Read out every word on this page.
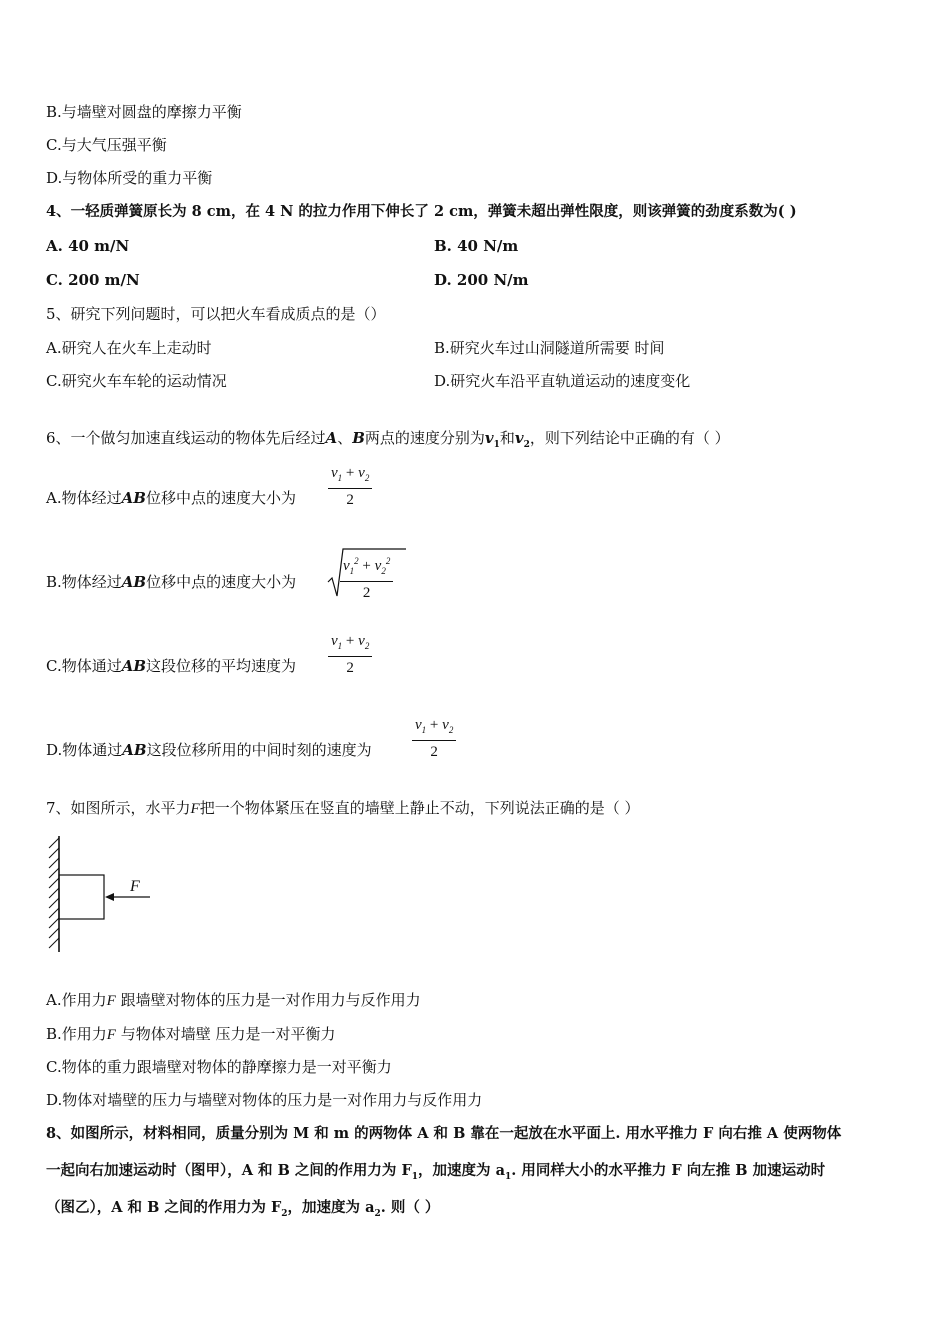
B.与墙壁对圆盘的摩擦力平衡
C.与大气压强平衡
D.与物体所受的重力平衡
4、一轻质弹簧原长为 8 cm，在 4 N 的拉力作用下伸长了 2 cm，弹簧未超出弹性限度，则该弹簧的劲度系数为( )
A. 40 m/N	B. 40 N/m
C. 200 m/N	D. 200 N/m
5、研究下列问题时，可以把火车看成质点的是（）
A.研究人在火车上走动时	B.研究火车过山洞隧道所需要 时间
C.研究火车车轮的运动情况	D.研究火车沿平直轨道运动的速度变化
6、一个做匀加速直线运动的物体先后经过A、B两点的速度分别为$v_1$和$v_2$，则下列结论中正确的有（ ）
A.物体经过AB位移中点的速度大小为 $\frac{v_1 + v_2}{2}$
B.物体经过AB位移中点的速度大小为	$\frac{v_1^2 + v_2^2}{2}$
C.物体通过AB这段位移的平均速度为 $\frac{v_1 + v_2}{2}$
D.物体通过AB这段位移所用的中间时刻的速度为	$\frac{v_1 + v_2}{2}$
7、如图所示，水平力F把一个物体紧压在竖直的墙壁上静止不动，下列说法正确的是（ ）
F
A.作用力F 跟墙壁对物体的压力是一对作用力与反作用力
B.作用力F 与物体对墙壁 压力是一对平衡力
C.物体的重力跟墙壁对物体的静摩擦力是一对平衡力
D.物体对墙壁的压力与墙壁对物体的压力是一对作用力与反作用力
8、如图所示，材料相同，质量分别为 M 和 m 的两物体 A 和 B 靠在一起放在水平面上. 用水平推力 F 向右推 A 使两物体
一起向右加速运动时（图甲），A 和 B 之间的作用力为 $F_1$，加速度为 $a_1$. 用同样大小的水平推力 F 向左推 B 加速运动时
（图乙），A 和 B 之间的作用力为 $F_2$，加速度为 $a_2$. 则（ ）
